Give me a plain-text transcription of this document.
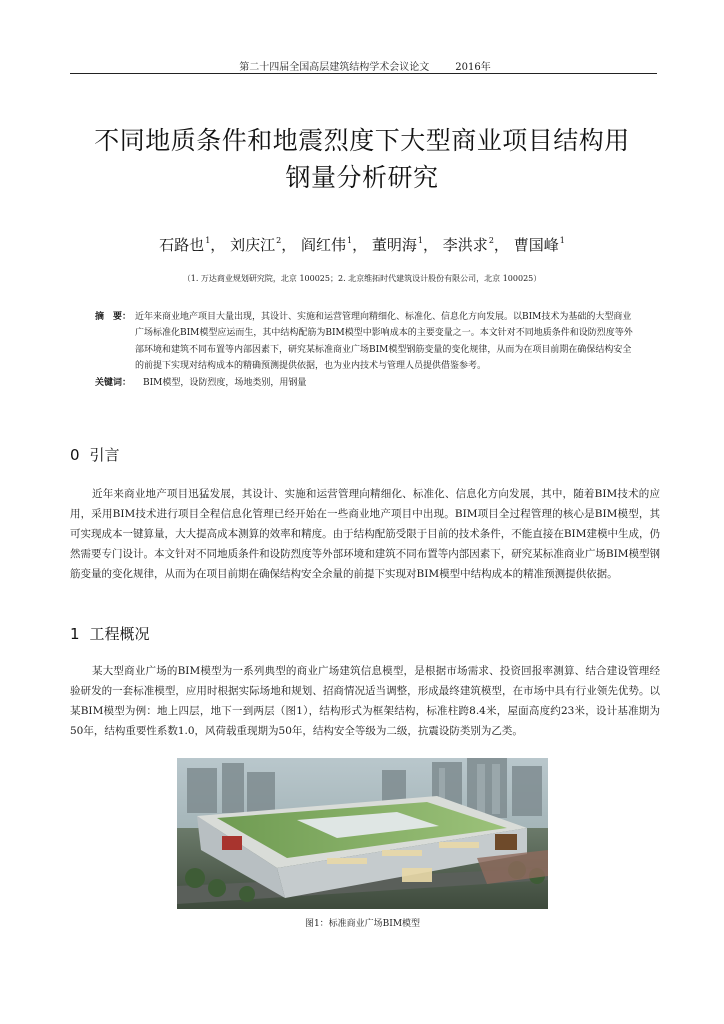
第二十四届全国高层建筑结构学术会议论文	2016年
不同地质条件和地震烈度下大型商业项目结构用
钢量分析研究
石路也$^1$， 刘庆江$^2$， 阎红伟$^1$， 董明海$^1$， 李洪求$^2$， 曹国峰$^1$
（1. 万达商业规划研究院，北京 100025；2. 北京维拓时代建筑设计股份有限公司，北京 100025）
摘　要： 近年来商业地产项目大量出现，其设计、实施和运营管理向精细化、标准化、信息化方向发展。以BIM技术为基础的大型商业广场标准化BIM模型应运而生，其中结构配筋为BIM模型中影响成本的主要变量之一。本文针对不同地质条件和设防烈度等外部环境和建筑不同布置等内部因素下，研究某标准商业广场BIM模型钢筋变量的变化规律，从而为在项目前期在确保结构安全的前提下实现对结构成本的精确预测提供依据，也为业内技术与管理人员提供借鉴参考。
关键词：	BIM模型，设防烈度，场地类别，用钢量
0 引言

近年来商业地产项目迅猛发展，其设计、实施和运营管理向精细化、标准化、信息化方向发展，其中，随着BIM技术的应用，采用BIM技术进行项目全程信息化管理已经开始在一些商业地产项目中出现。BIM项目全过程管理的核心是BIM模型，其可实现成本一键算量，大大提高成本测算的效率和精度。由于结构配筋受限于目前的技术条件，不能直接在BIM建模中生成，仍然需要专门设计。本文针对不同地质条件和设防烈度等外部环境和建筑不同布置等内部因素下，研究某标准商业广场BIM模型钢筋变量的变化规律，从而为在项目前期在确保结构安全余量的前提下实现对BIM模型中结构成本的精准预测提供依据。

1 工程概况

某大型商业广场的BIM模型为一系列典型的商业广场建筑信息模型，是根据市场需求、投资回报率测算、结合建设管理经验研发的一套标准模型，应用时根据实际场地和规划、招商情况适当调整，形成最终建筑模型，在市场中具有行业领先优势。以某BIM模型为例：地上四层，地下一到两层（图1），结构形式为框架结构，标准柱跨8.4米，屋面高度约23米，设计基准期为50年，结构重要性系数1.0，风荷载重现期为50年，结构安全等级为二级，抗震设防类别为乙类。

图1：标准商业广场BIM模型
